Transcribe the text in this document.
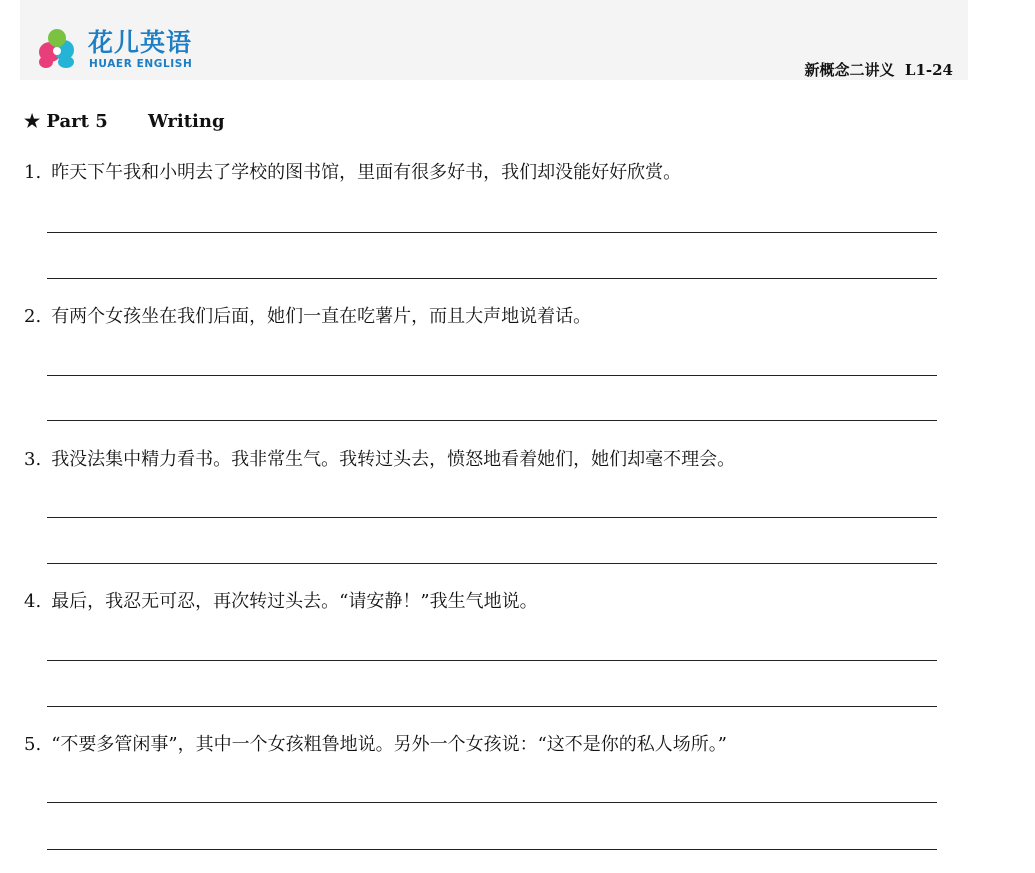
花儿英语
HUAER ENGLISH	新概念二讲义  L1-24
★ Part 5 Writing
1. 昨天下午我和小明去了学校的图书馆，里面有很多好书，我们却没能好好欣赏。
2. 有两个女孩坐在我们后面，她们一直在吃薯片，而且大声地说着话。
3. 我没法集中精力看书。我非常生气。我转过头去，愤怒地看着她们，她们却毫不理会。
4. 最后，我忍无可忍，再次转过头去。“请安静！”我生气地说。
5. “不要多管闲事”，其中一个女孩粗鲁地说。另外一个女孩说：“这不是你的私人场所。”
